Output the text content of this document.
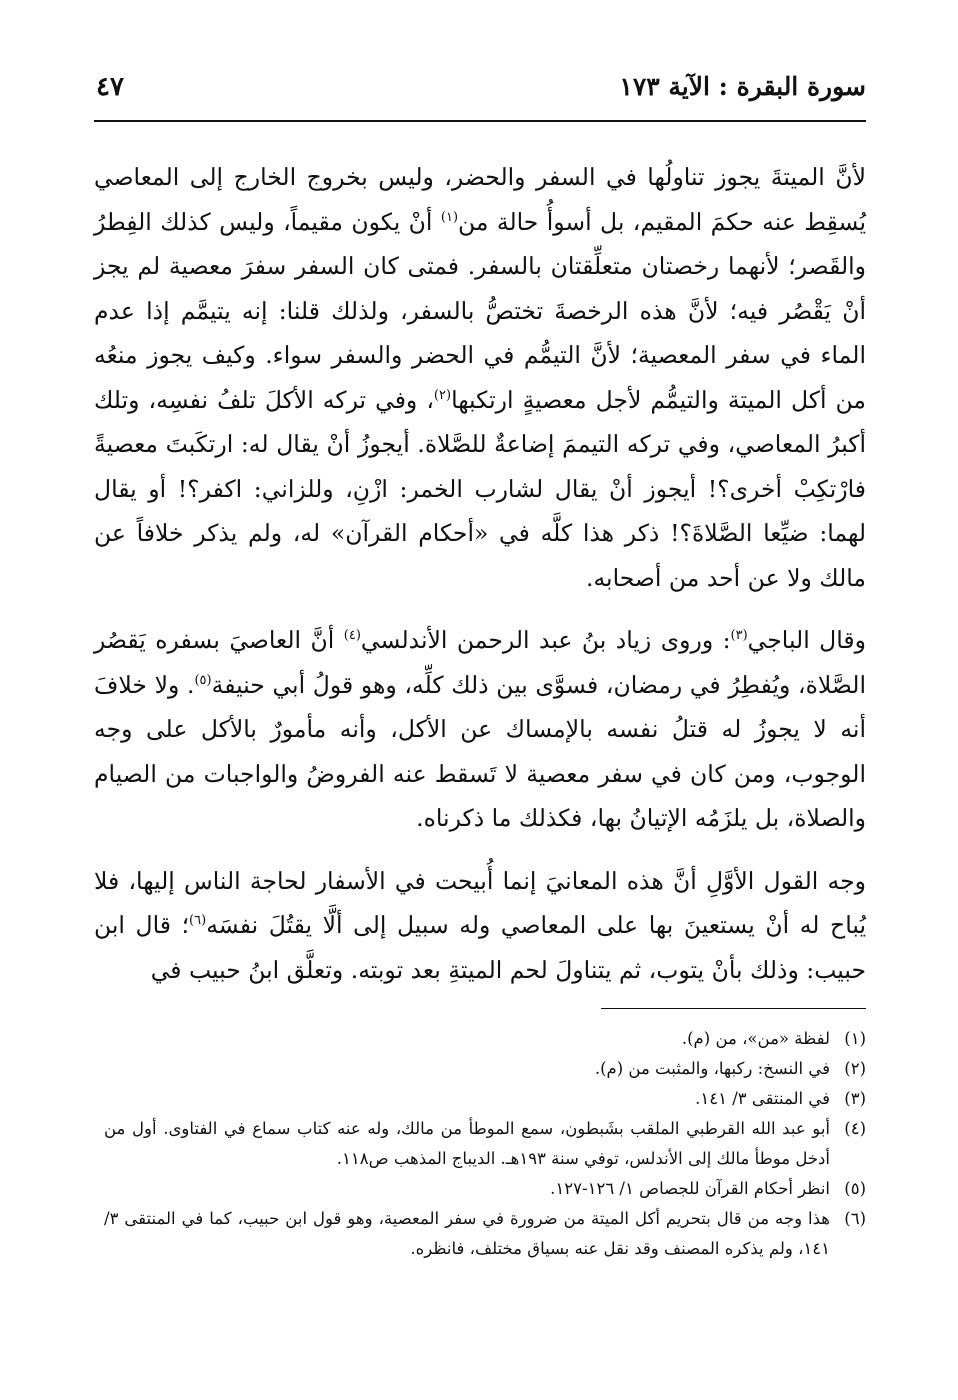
سورة البقرة : الآية ١٧٣
٤٧

لأنَّ الميتةَ يجوز تناولُها في السفر والحضر، وليس بخروج الخارج إلى المعاصي يُسقِط عنه حكمَ المقيم، بل أسوأُ حالة من$^{(١)}$ أنْ يكون مقيماً، وليس كذلك الفِطرُ والقَصر؛ لأنهما رخصتان متعلِّقتان بالسفر. فمتى كان السفر سفرَ معصية لم يجز أنْ يَقْصُر فيه؛ لأنَّ هذه الرخصةَ تختصُّ بالسفر، ولذلك قلنا: إنه يتيمَّم إذا عدم الماء في سفر المعصية؛ لأنَّ التيمُّم في الحضر والسفر سواء. وكيف يجوز منعُه من أكل الميتة والتيمُّم لأجل معصيةٍ ارتكبها$^{(٢)}$، وفي تركه الأكلَ تلفُ نفسِه، وتلك أكبرُ المعاصي، وفي تركه التيممَ إضاعةٌ للصَّلاة. أيجوزُ أنْ يقال له: ارتكَبتَ معصيةً فارْتكِبْ أخرى؟! أيجوز أنْ يقال لشارب الخمر: ازْنِ، وللزاني: اكفر؟! أو يقال لهما: ضيِّعا الصَّلاةَ؟! ذكر هذا كلَّه في «أحكام القرآن» له، ولم يذكر خلافاً عن مالك ولا عن أحد من أصحابه.

وقال الباجي$^{(٣)}$: وروى زياد بنُ عبد الرحمن الأندلسي$^{(٤)}$ أنَّ العاصيَ بسفره يَقصُر الصَّلاة، ويُفطِرُ في رمضان، فسوَّى بين ذلك كلِّه، وهو قولُ أبي حنيفة$^{(٥)}$. ولا خلافَ أنه لا يجوزُ له قتلُ نفسه بالإمساك عن الأكل، وأنه مأمورٌ بالأكل على وجه الوجوب، ومن كان في سفر معصية لا تَسقط عنه الفروضُ والواجبات من الصيام والصلاة، بل يلزَمُه الإتيانُ بها، فكذلك ما ذكرناه.

وجه القول الأوَّلِ أنَّ هذه المعانيَ إنما أُبيحت في الأسفار لحاجة الناس إليها، فلا يُباح له أنْ يستعينَ بها على المعاصي وله سبيل إلى ألَّا يقتُلَ نفسَه$^{(٦)}$؛ قال ابن حبيب: وذلك بأنْ يتوب، ثم يتناولَ لحم الميتةِ بعد توبته. وتعلَّق ابنُ حبيب في

(١)
لفظة «من»، من (م).
(٢)
في النسخ: ركبها، والمثبت من (م).
(٣)
في المنتقى ٣/ ١٤١.
(٤)
أبو عبد الله القرطبي الملقب بشَبطون، سمع الموطأ من مالك، وله عنه كتاب سماع في الفتاوى. أول من أدخل موطأ مالك إلى الأندلس، توفي سنة ١٩٣هـ. الديباج المذهب ص١١٨.
(٥)
انظر أحكام القرآن للجصاص ١/ ١٢٦-١٢٧.
(٦)
هذا وجه من قال بتحريم أكل الميتة من ضرورة في سفر المعصية، وهو قول ابن حبيب، كما في المنتقى ٣/ ١٤١، ولم يذكره المصنف وقد نقل عنه بسياق مختلف، فانظره.
